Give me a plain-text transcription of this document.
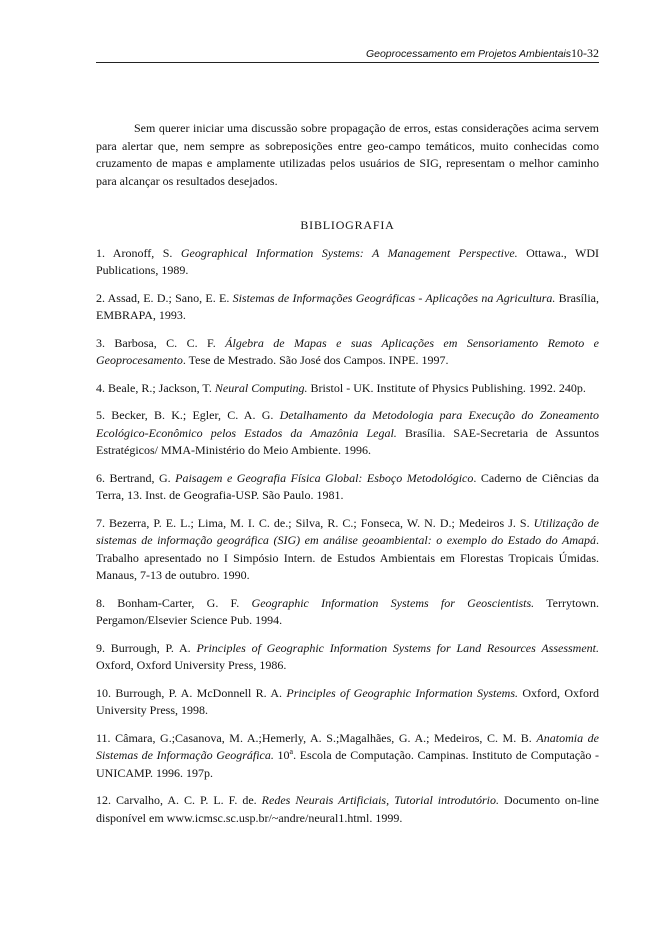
Geoprocessamento em Projetos Ambientais10-32

Sem querer iniciar uma discussão sobre propagação de erros, estas considerações acima servem para alertar que, nem sempre as sobreposições entre geo-campo temáticos, muito conhecidas como cruzamento de mapas e amplamente utilizadas pelos usuários de SIG, representam o melhor caminho para alcançar os resultados desejados.

BIBLIOGRAFIA

1. Aronoff, S. Geographical Information Systems: A Management Perspective. Ottawa., WDI Publications, 1989.

2. Assad, E. D.; Sano, E. E. Sistemas de Informações Geográficas - Aplicações na Agricultura. Brasília, EMBRAPA, 1993.

3. Barbosa, C. C. F. Álgebra de Mapas e suas Aplicações em Sensoriamento Remoto e Geoprocesamento. Tese de Mestrado. São José dos Campos. INPE. 1997.

4. Beale, R.; Jackson, T. Neural Computing. Bristol - UK. Institute of Physics Publishing. 1992. 240p.

5. Becker, B. K.; Egler, C. A. G. Detalhamento da Metodologia para Execução do Zoneamento Ecológico-Econômico pelos Estados da Amazônia Legal. Brasília. SAE-Secretaria de Assuntos Estratégicos/ MMA-Ministério do Meio Ambiente. 1996.

6. Bertrand, G. Paisagem e Geografia Física Global: Esboço Metodológico. Caderno de Ciências da Terra, 13. Inst. de Geografia-USP. São Paulo. 1981.

7. Bezerra, P. E. L.; Lima, M. I. C. de.; Silva, R. C.; Fonseca, W. N. D.; Medeiros J. S. Utilização de sistemas de informação geográfica (SIG) em análise geoambiental: o exemplo do Estado do Amapá. Trabalho apresentado no I Simpósio Intern. de Estudos Ambientais em Florestas Tropicais Úmidas. Manaus, 7-13 de outubro. 1990.

8. Bonham-Carter, G. F. Geographic Information Systems for Geoscientists. Terrytown. Pergamon/Elsevier Science Pub. 1994.

9. Burrough, P. A. Principles of Geographic Information Systems for Land Resources Assessment. Oxford, Oxford University Press, 1986.

10. Burrough, P. A. McDonnell R. A. Principles of Geographic Information Systems. Oxford, Oxford University Press, 1998.

11. Câmara, G.;Casanova, M. A.;Hemerly, A. S.;Magalhães, G. A.; Medeiros, C. M. B. Anatomia de Sistemas de Informação Geográfica. 10$^a$. Escola de Computação. Campinas. Instituto de Computação - UNICAMP. 1996. 197p.

12. Carvalho, A. C. P. L. F. de. Redes Neurais Artificiais, Tutorial introdutório. Documento on-line disponível em www.icmsc.sc.usp.br/~andre/neural1.html. 1999.
